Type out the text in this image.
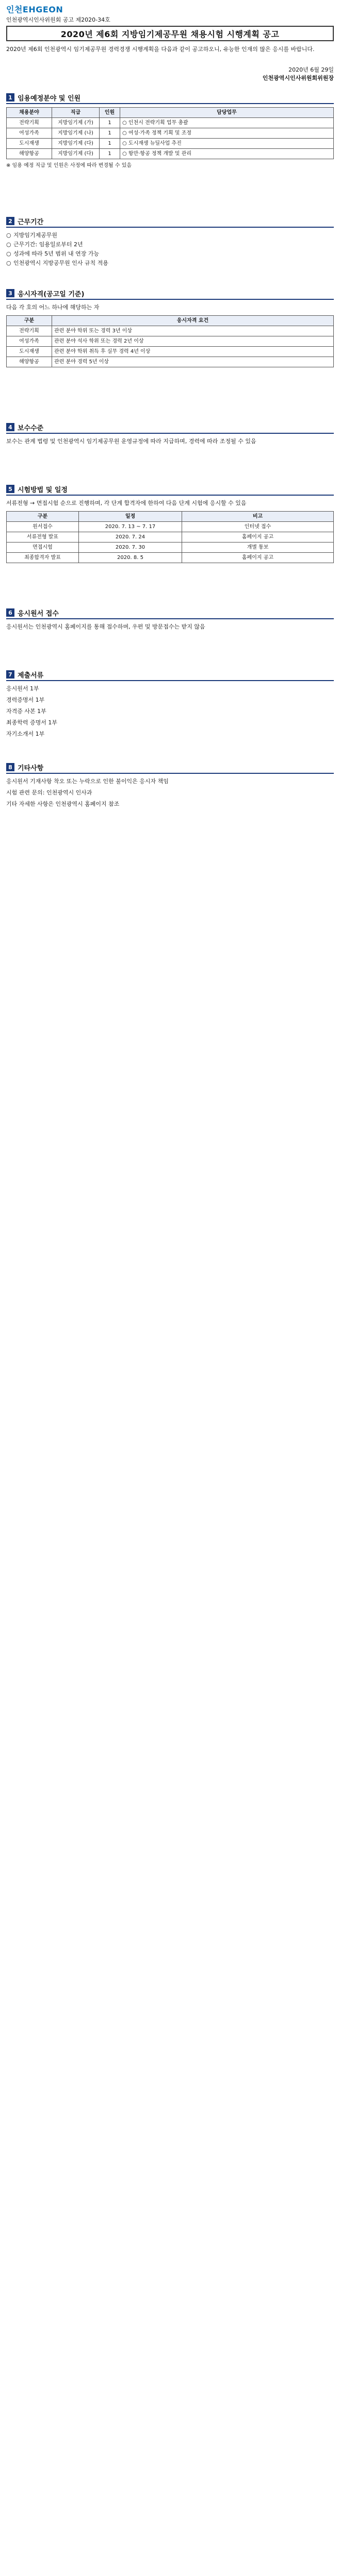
인천EHGEON
인천광역시인사위원회 공고 제2020-34호
2020년 제6회 지방임기제공무원 채용시험 시행계획 공고
2020년 제6회 인천광역시 임기제공무원 경력경쟁 시행계획을 다음과 같이 공고하오니, 유능한 인재의 많은 응시를 바랍니다.
2020년 6월 29일
인천광역시인사위원회위원장
1 임용예정분야 및 인원
채용분야	직급	인원	담당업무
전략기획	지방임기제 (가)	1	○ 인천시 전략기획 업무 총괄
여성가족	지방임기제 (나)	1	○ 여성·가족 정책 기획 및 조정
도시재생	지방임기제 (다)	1	○ 도시재생 뉴딜사업 추진
해양항공	지방임기제 (다)	1	○ 항만·항공 정책 개발 및 관리
※ 임용 예정 직급 및 인원은 사정에 따라 변경될 수 있음
2 근무기간
○ 지방임기제공무원
○ 근무기간: 임용일로부터 2년
○ 성과에 따라 5년 범위 내 연장 가능
○ 인천광역시 지방공무원 인사 규칙 적용
3 응시자격(공고일 기준)
다음 각 호의 어느 하나에 해당하는 자
구분	응시자격 요건
전략기획	관련 분야 학위 또는 경력 3년 이상
여성가족	관련 분야 석사 학위 또는 경력 2년 이상
도시재생	관련 분야 학위 취득 후 실무 경력 4년 이상
해양항공	관련 분야 경력 5년 이상
4 보수수준
보수는 관계 법령 및 인천광역시 임기제공무원 운영규정에 따라 지급하며, 경력에 따라 조정될 수 있음
5 시험방법 및 일정
서류전형 → 면접시험 순으로 진행하며, 각 단계 합격자에 한하여 다음 단계 시험에 응시할 수 있음
구분	일정	비고
원서접수	2020. 7. 13 ~ 7. 17	인터넷 접수
서류전형 발표	2020. 7. 24	홈페이지 공고
면접시험	2020. 7. 30	개별 통보
최종합격자 발표	2020. 8. 5	홈페이지 공고
6 응시원서 접수
응시원서는 인천광역시 홈페이지를 통해 접수하며, 우편 및 방문접수는 받지 않음
7 제출서류
응시원서 1부
경력증명서 1부
자격증 사본 1부
최종학력 증명서 1부
자기소개서 1부
8 기타사항
응시원서 기재사항 착오 또는 누락으로 인한 불이익은 응시자 책임
시험 관련 문의: 인천광역시 인사과
기타 자세한 사항은 인천광역시 홈페이지 참조
